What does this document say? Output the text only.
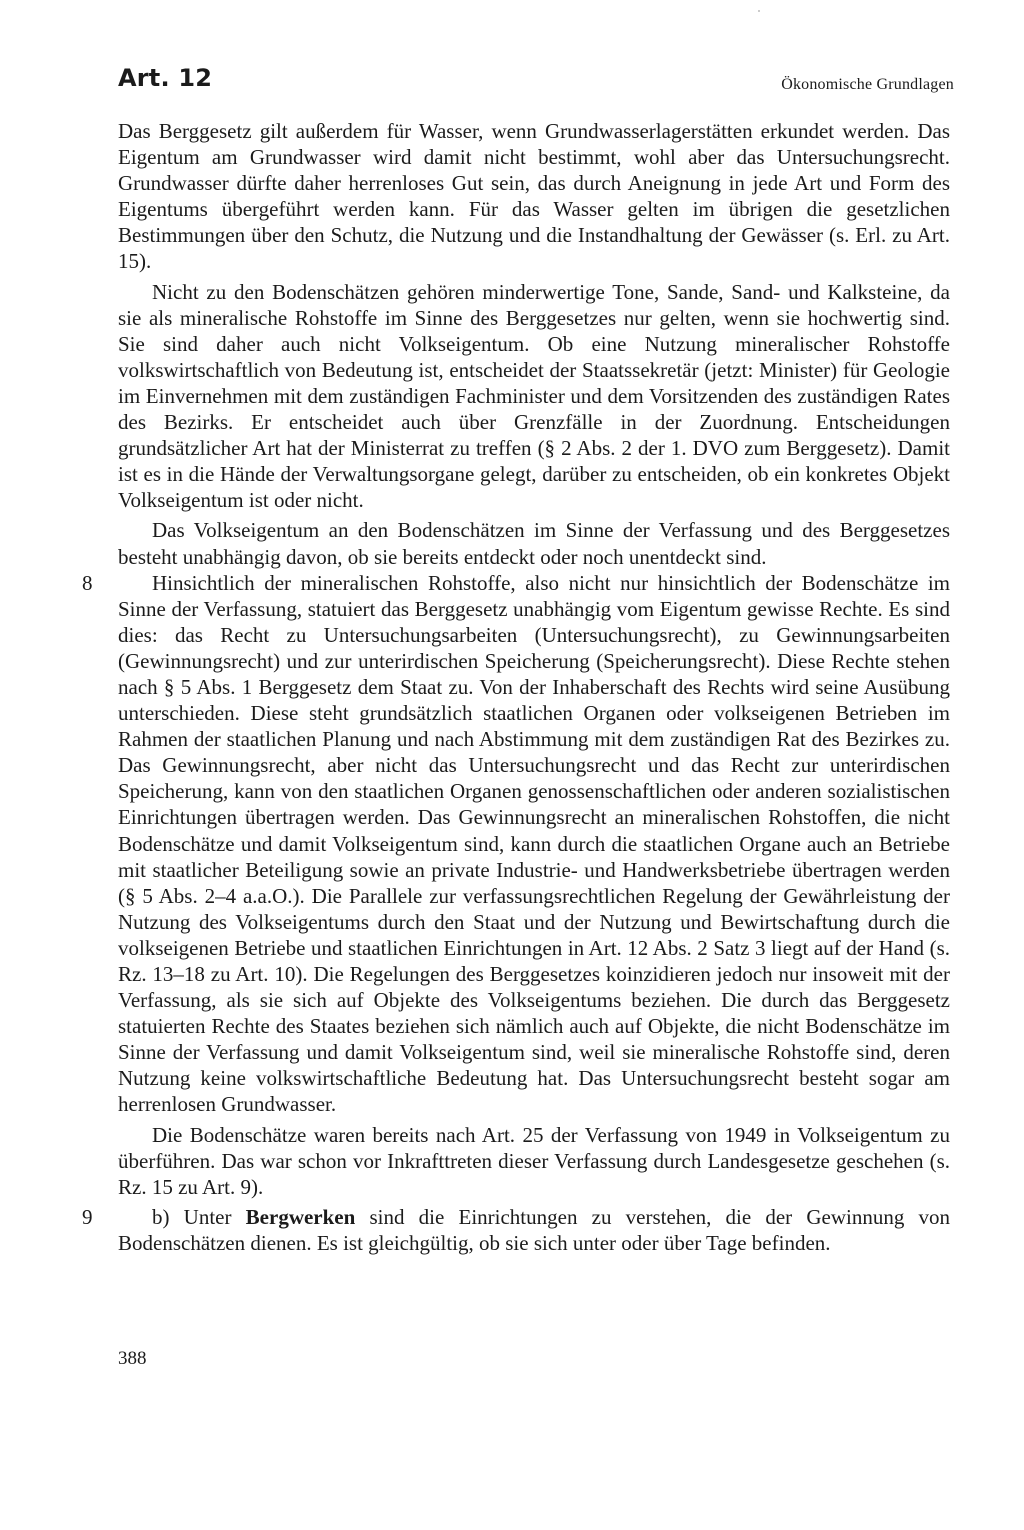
Art. 12	Ökonomische Grundlagen

Das Berggesetz gilt außerdem für Wasser, wenn Grundwasserlagerstätten erkundet werden. Das Eigentum am Grundwasser wird damit nicht bestimmt, wohl aber das Untersuchungsrecht. Grundwasser dürfte daher herrenloses Gut sein, das durch Aneignung in jede Art und Form des Eigentums übergeführt werden kann. Für das Wasser gelten im übrigen die gesetzlichen Bestimmungen über den Schutz, die Nutzung und die Instandhaltung der Gewässer (s. Erl. zu Art. 15).

Nicht zu den Bodenschätzen gehören minderwertige Tone, Sande, Sand- und Kalksteine, da sie als mineralische Rohstoffe im Sinne des Berggesetzes nur gelten, wenn sie hochwertig sind. Sie sind daher auch nicht Volkseigentum. Ob eine Nutzung mineralischer Rohstoffe volkswirtschaftlich von Bedeutung ist, entscheidet der Staatssekretär (jetzt: Minister) für Geologie im Einvernehmen mit dem zuständigen Fachminister und dem Vorsitzenden des zuständigen Rates des Bezirks. Er entscheidet auch über Grenzfälle in der Zuordnung. Entscheidungen grundsätzlicher Art hat der Ministerrat zu treffen (§ 2 Abs. 2 der 1. DVO zum Berggesetz). Damit ist es in die Hände der Verwaltungsorgane gelegt, darüber zu entscheiden, ob ein konkretes Objekt Volkseigentum ist oder nicht.

Das Volkseigentum an den Bodenschätzen im Sinne der Verfassung und des Berggesetzes besteht unabhängig davon, ob sie bereits entdeckt oder noch unentdeckt sind.

8	Hinsichtlich der mineralischen Rohstoffe, also nicht nur hinsichtlich der Bodenschätze im Sinne der Verfassung, statuiert das Berggesetz unabhängig vom Eigentum gewisse Rechte. Es sind dies: das Recht zu Untersuchungsarbeiten (Untersuchungsrecht), zu Gewinnungsarbeiten (Gewinnungsrecht) und zur unterirdischen Speicherung (Speicherungsrecht). Diese Rechte stehen nach § 5 Abs. 1 Berggesetz dem Staat zu. Von der Inhaberschaft des Rechts wird seine Ausübung unterschieden. Diese steht grundsätzlich staatlichen Organen oder volkseigenen Betrieben im Rahmen der staatlichen Planung und nach Abstimmung mit dem zuständigen Rat des Bezirkes zu. Das Gewinnungsrecht, aber nicht das Untersuchungsrecht und das Recht zur unterirdischen Speicherung, kann von den staatlichen Organen genossenschaftlichen oder anderen sozialistischen Einrichtungen übertragen werden. Das Gewinnungsrecht an mineralischen Rohstoffen, die nicht Bodenschätze und damit Volkseigentum sind, kann durch die staatlichen Organe auch an Betriebe mit staatlicher Beteiligung sowie an private Industrie- und Handwerksbetriebe übertragen werden (§ 5 Abs. 2–4 a.a.O.). Die Parallele zur verfassungsrechtlichen Regelung der Gewährleistung der Nutzung des Volkseigentums durch den Staat und der Nutzung und Bewirtschaftung durch die volkseigenen Betriebe und staatlichen Einrichtungen in Art. 12 Abs. 2 Satz 3 liegt auf der Hand (s. Rz. 13–18 zu Art. 10). Die Regelungen des Berggesetzes koinzidieren jedoch nur insoweit mit der Verfassung, als sie sich auf Objekte des Volkseigentums beziehen. Die durch das Berggesetz statuierten Rechte des Staates beziehen sich nämlich auch auf Objekte, die nicht Bodenschätze im Sinne der Verfassung und damit Volkseigentum sind, weil sie mineralische Rohstoffe sind, deren Nutzung keine volkswirtschaftliche Bedeutung hat. Das Untersuchungsrecht besteht sogar am herrenlosen Grundwasser.

Die Bodenschätze waren bereits nach Art. 25 der Verfassung von 1949 in Volkseigentum zu überführen. Das war schon vor Inkrafttreten dieser Verfassung durch Landesgesetze geschehen (s. Rz. 15 zu Art. 9).

9	b) Unter Bergwerken sind die Einrichtungen zu verstehen, die der Gewinnung von Bodenschätzen dienen. Es ist gleichgültig, ob sie sich unter oder über Tage befinden.

388
